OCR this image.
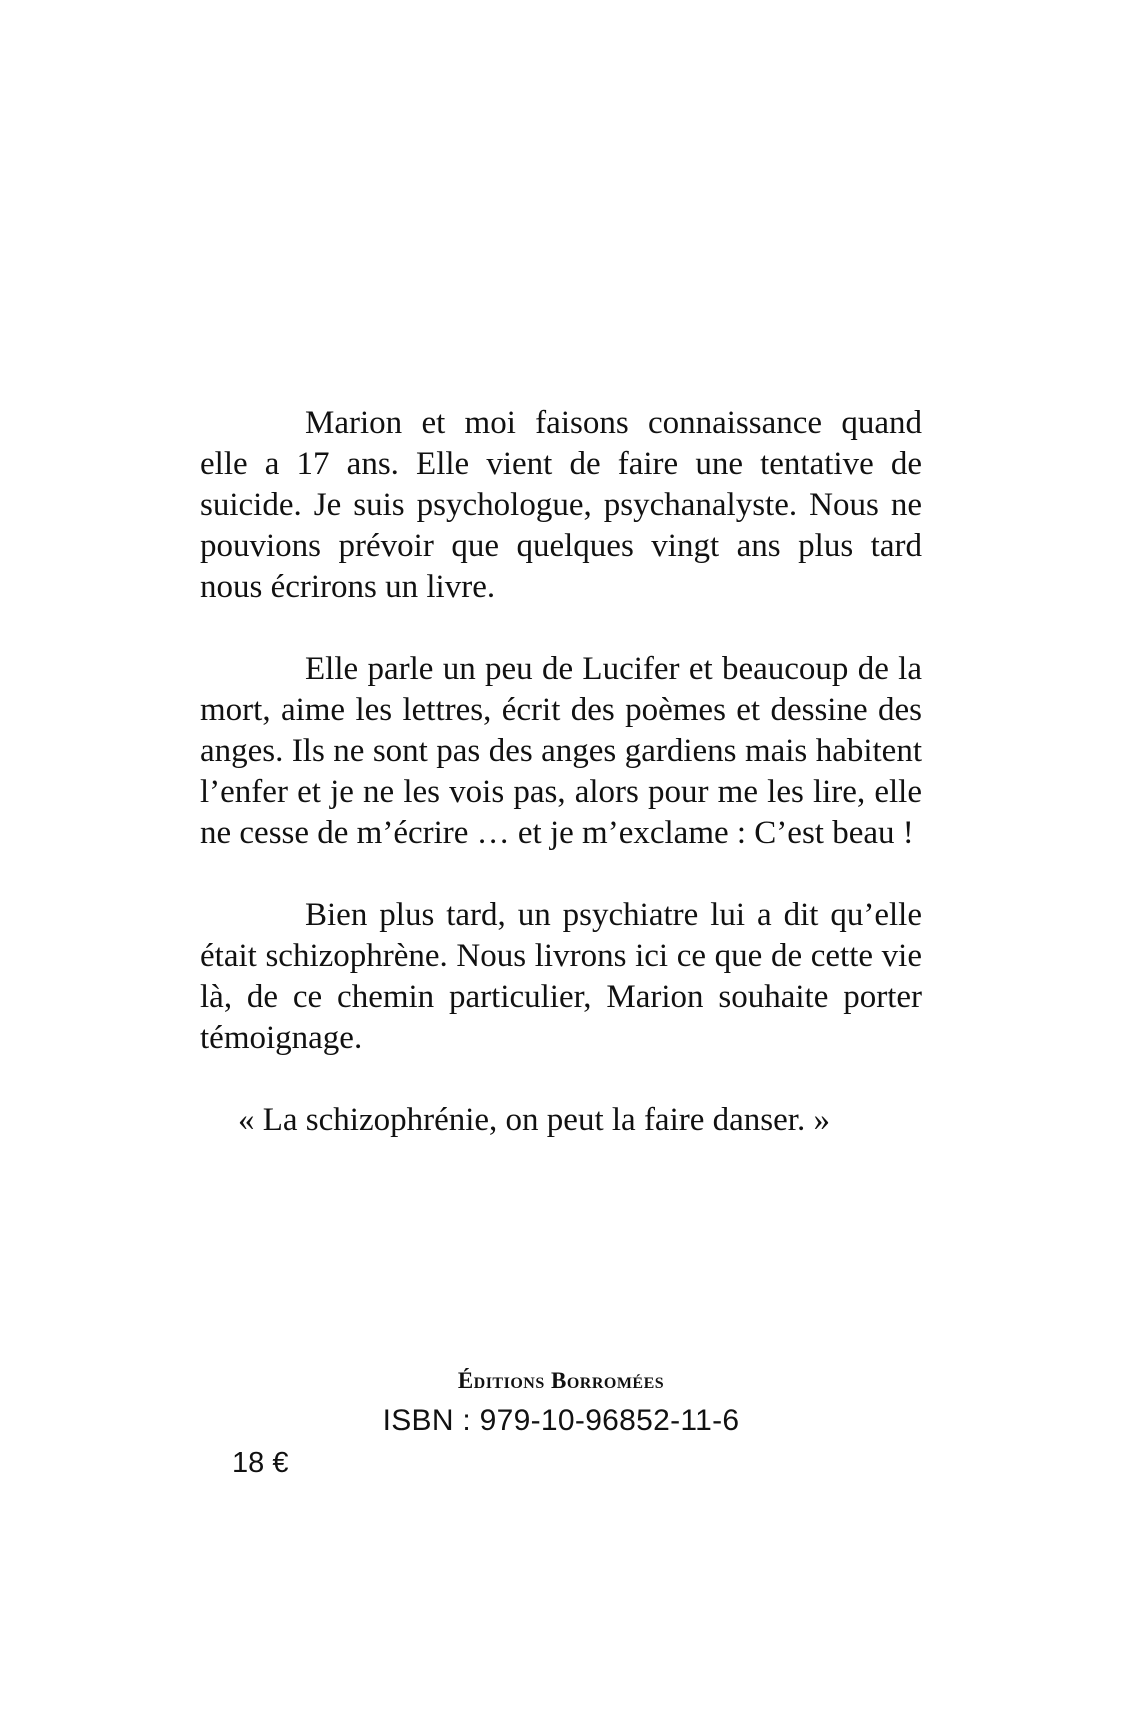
Marion et moi faisons connaissance quand elle a 17 ans. Elle vient de faire une tentative de suicide. Je suis psychologue, psychanalyste. Nous ne pouvions prévoir que quelques vingt ans plus tard nous écrirons un livre.

Elle parle un peu de Lucifer et beaucoup de la mort, aime les lettres, écrit des poèmes et dessine des anges. Ils ne sont pas des anges gardiens mais habitent l’enfer et je ne les vois pas, alors pour me les lire, elle ne cesse de m’écrire … et je m’exclame : C’est beau !

Bien plus tard, un psychiatre lui a dit qu’elle était schizophrène. Nous livrons ici ce que de cette vie là, de ce chemin particulier, Marion souhaite porter témoignage.

« La schizophrénie, on peut la faire danser. »

Éditions Borromées
ISBN : 979-10-96852-11-6
18 €
